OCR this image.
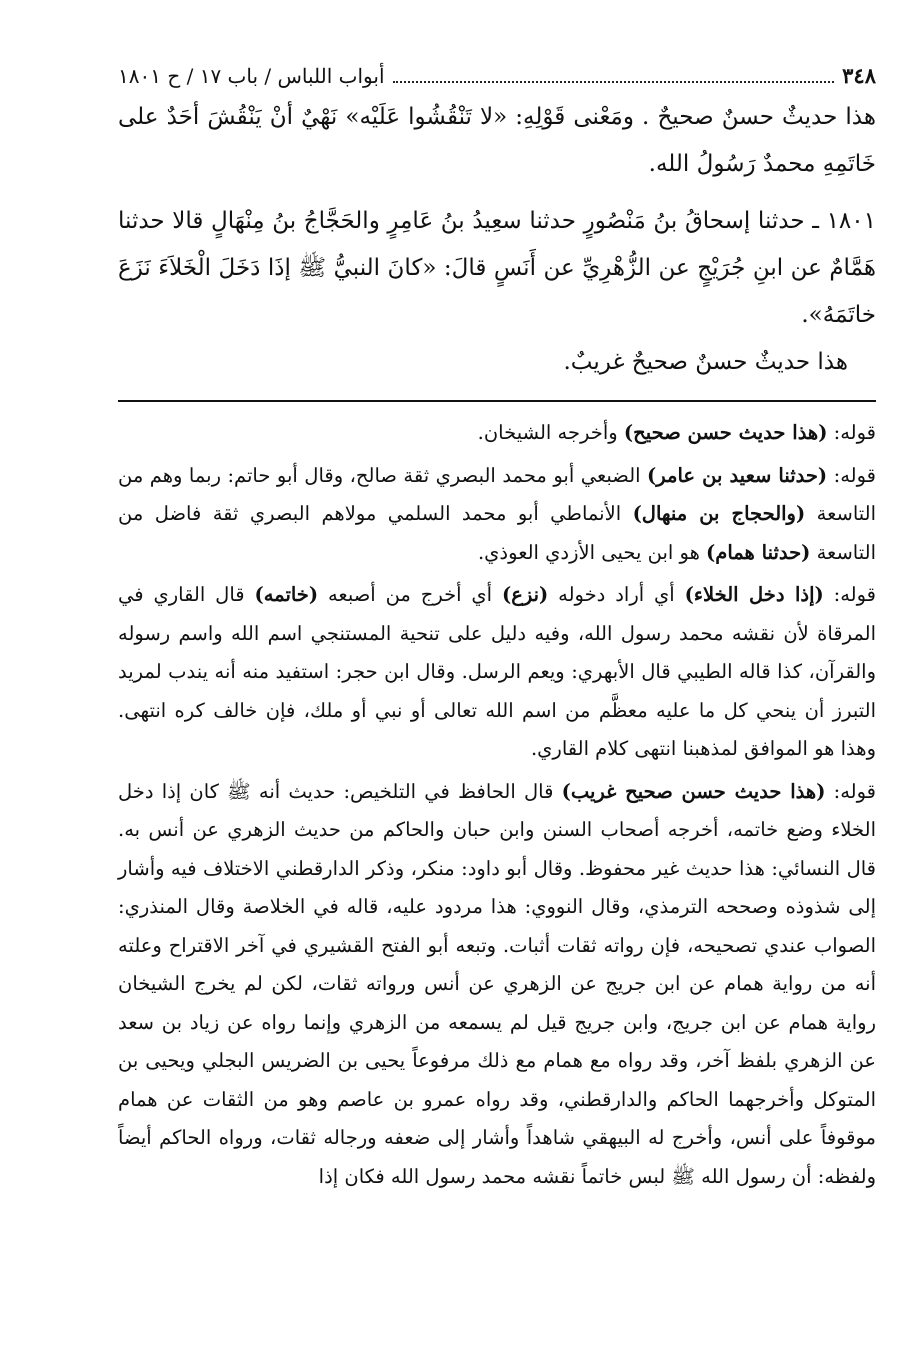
٣٤٨
أبواب اللباس / باب ١٧ / ح ١٨٠١

هذا حديثٌ حسنٌ صحيحٌ . ومَعْنى قَوْلِهِ: «لا تَنْقُشُوا عَلَيْه» نَهْيٌ أنْ يَنْقُشَ أحَدٌ على خَاتَمِهِ محمدٌ رَسُولُ الله.

١٨٠١ ـ حدثنا إسحاقُ بنُ مَنْصُورٍ حدثنا سعِيدُ بنُ عَامِرٍ والحَجَّاجُ بنُ مِنْهَالٍ قالا حدثنا هَمَّامٌ عن ابنِ جُرَيْجٍ عن الزُّهْرِيِّ عن أَنَسٍ قالَ: «كانَ النبيُّ ﷺ إذَا دَخَلَ الْخَلاَءَ نَزَعَ خاتَمَهُ».

هذا حديثٌ حسنٌ صحيحٌ غريبٌ.

قوله: (هذا حديث حسن صحيح) وأخرجه الشيخان.

قوله: (حدثنا سعيد بن عامر) الضبعي أبو محمد البصري ثقة صالح، وقال أبو حاتم: ربما وهم من التاسعة (والحجاج بن منهال) الأنماطي أبو محمد السلمي مولاهم البصري ثقة فاضل من التاسعة (حدثنا همام) هو ابن يحيى الأزدي العوذي.

قوله: (إذا دخل الخلاء) أي أراد دخوله (نزع) أي أخرج من أصبعه (خاتمه) قال القاري في المرقاة لأن نقشه محمد رسول الله، وفيه دليل على تنحية المستنجي اسم الله واسم رسوله والقرآن، كذا قاله الطيبي قال الأبهري: ويعم الرسل. وقال ابن حجر: استفيد منه أنه يندب لمريد التبرز أن ينحي كل ما عليه معظَّم من اسم الله تعالى أو نبي أو ملك، فإن خالف كره انتهى. وهذا هو الموافق لمذهبنا انتهى كلام القاري.

قوله: (هذا حديث حسن صحيح غريب) قال الحافظ في التلخيص: حديث أنه ﷺ كان إذا دخل الخلاء وضع خاتمه، أخرجه أصحاب السنن وابن حبان والحاكم من حديث الزهري عن أنس به. قال النسائي: هذا حديث غير محفوظ. وقال أبو داود: منكر، وذكر الدارقطني الاختلاف فيه وأشار إلى شذوذه وصححه الترمذي، وقال النووي: هذا مردود عليه، قاله في الخلاصة وقال المنذري: الصواب عندي تصحيحه، فإن رواته ثقات أثبات. وتبعه أبو الفتح القشيري في آخر الاقتراح وعلته أنه من رواية همام عن ابن جريج عن الزهري عن أنس ورواته ثقات، لكن لم يخرج الشيخان رواية همام عن ابن جريج، وابن جريج قيل لم يسمعه من الزهري وإنما رواه عن زياد بن سعد عن الزهري بلفظ آخر، وقد رواه مع همام مع ذلك مرفوعاً يحيى بن الضريس البجلي ويحيى بن المتوكل وأخرجهما الحاكم والدارقطني، وقد رواه عمرو بن عاصم وهو من الثقات عن همام موقوفاً على أنس، وأخرج له البيهقي شاهداً وأشار إلى ضعفه ورجاله ثقات، ورواه الحاكم أيضاً ولفظه: أن رسول الله ﷺ لبس خاتماً نقشه محمد رسول الله فكان إذا
